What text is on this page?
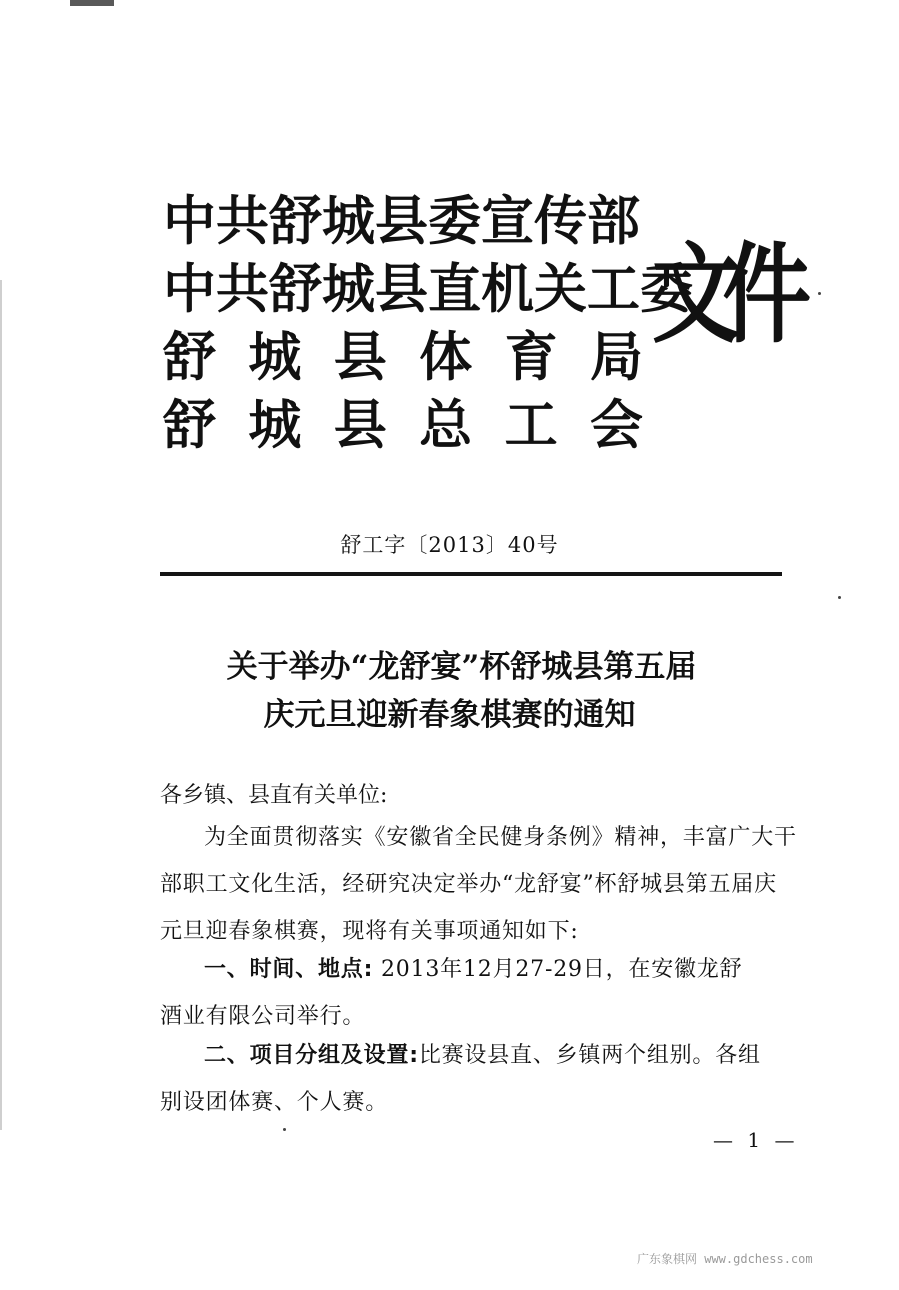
中共舒城县委宣传部
中共舒城县直机关工委
舒 城 县 体 育 局
舒 城 县 总 工 会
文件
舒工字〔2013〕40号
关于举办“龙舒宴”杯舒城县第五届
庆元旦迎新春象棋赛的通知
各乡镇、县直有关单位:
为全面贯彻落实《安徽省全民健身条例》精神，丰富广大干
部职工文化生活，经研究决定举办“龙舒宴”杯舒城县第五届庆
元旦迎春象棋赛，现将有关事项通知如下:
一、时间、地点: 2013年12月27-29日，在安徽龙舒
酒业有限公司举行。
二、项目分组及设置:比赛设县直、乡镇两个组别。各组
别设团体赛、个人赛。
— 1 —
广东象棋网 www.gdchess.com
